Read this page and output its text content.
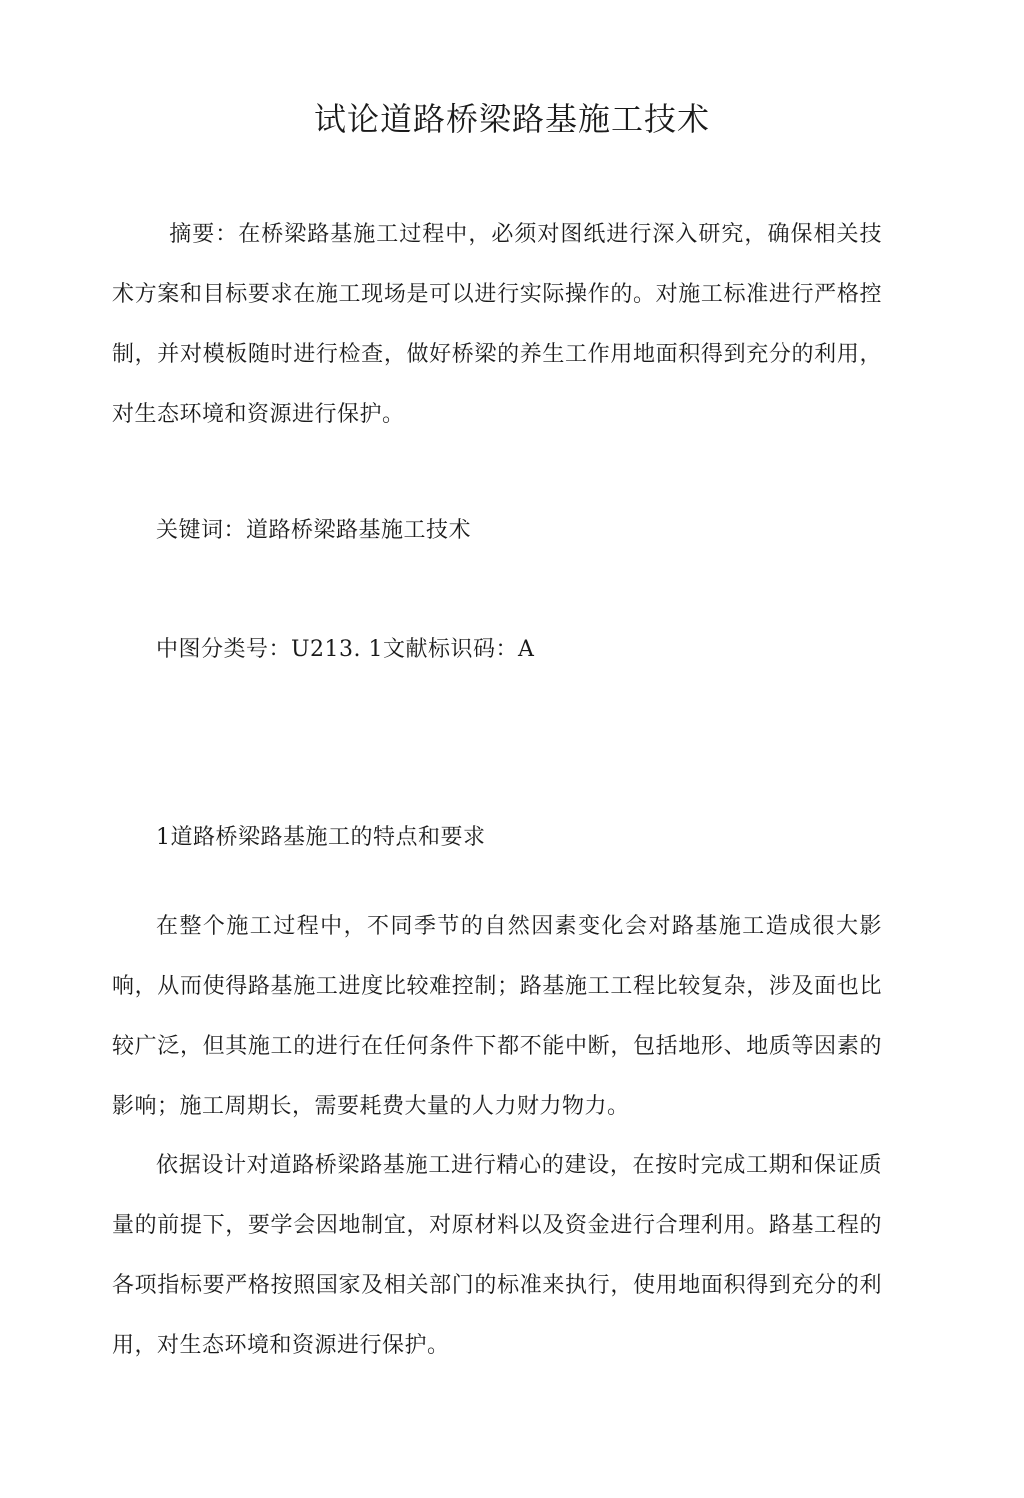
试论道路桥梁路基施工技术
摘要：在桥梁路基施工过程中，必须对图纸进行深入研究，确保相关技术方案和目标要求在施工现场是可以进行实际操作的。对施工标准进行严格控制，并对模板随时进行检查，做好桥梁的养生工作用地面积得到充分的利用，对生态环境和资源进行保护。
关键词：道路桥梁路基施工技术
中图分类号：U213. 1文献标识码：A
1道路桥梁路基施工的特点和要求
在整个施工过程中，不同季节的自然因素变化会对路基施工造成很大影响，从而使得路基施工进度比较难控制；路基施工工程比较复杂，涉及面也比较广泛，但其施工的进行在任何条件下都不能中断，包括地形、地质等因素的影响；施工周期长，需要耗费大量的人力财力物力。
依据设计对道路桥梁路基施工进行精心的建设，在按时完成工期和保证质量的前提下，要学会因地制宜，对原材料以及资金进行合理利用。路基工程的各项指标要严格按照国家及相关部门的标准来执行，使用地面积得到充分的利用，对生态环境和资源进行保护。
